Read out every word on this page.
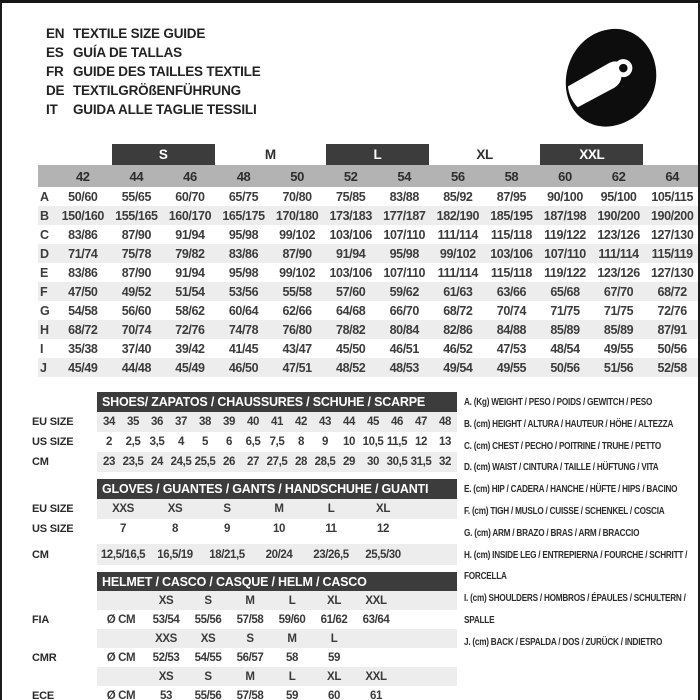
EN TEXTILE SIZE GUIDE
ES GUÍA DE TALLAS
FR GUIDE DES TAILLES TEXTILE
DE TEXTILGRÖßENFÜHRUNG
IT	GUIDA ALLE TAGLIE TESSILI

		S		M		L		XL		XXL		

	42	44	46	48	50	52	54	56	58	60	62	64
A	50/60	55/65	60/70	65/75	70/80	75/85	83/88	85/92	87/95	90/100	95/100	105/115
B	150/160	155/165	160/170	165/175	170/180	173/183	177/187	182/190	185/195	187/198	190/200	190/200
C	83/86	87/90	91/94	95/98	99/102	103/106	107/110	111/114	115/118	119/122	123/126	127/130
D	71/74	75/78	79/82	83/86	87/90	91/94	95/98	99/102	103/106	107/110	111/114	115/119
E	83/86	87/90	91/94	95/98	99/102	103/106	107/110	111/114	115/118	119/122	123/126	127/130
F	47/50	49/52	51/54	53/56	55/58	57/60	59/62	61/63	63/66	65/68	67/70	68/72
G	54/58	56/60	58/62	60/64	62/66	64/68	66/70	68/72	70/74	71/75	71/75	72/76
H	68/72	70/74	72/76	74/78	76/80	78/82	80/84	82/86	84/88	85/89	85/89	87/91
I	35/38	37/40	39/42	41/45	43/47	45/50	46/51	46/52	47/53	48/54	49/55	50/56
J	45/49	44/48	45/49	46/50	47/51	48/52	48/53	49/54	49/55	50/56	51/56	52/58
	SHOES/ ZAPATOS / CHAUSSURES / SCHUHE / SCARPE														
EU SIZE	34	35	36	37	38	39	40	41	42	43	44	45	46	47	48
US SIZE	2	2,5	3,5	4	5	6	6,5	7,5	8	9	10	10,5	11,5	12	13
CM	23	23,5	24	24,5	25,5	26	27	27,5	28	28,5	29	30	30,5	31,5	32
	GLOVES / GUANTES / GANTS / HANDSCHUHE / GUANTI						
EU SIZE	XXS	XS	S	M	L	XL	
US SIZE	7	8	9	10	11	12	

CM	12,5/16,5	16,5/19	18/21,5	20/24	23/26,5	25,5/30	
	HELMET / CASCO / CASQUE / HELM / CASCO							
		XS	S	M	L	XL	XXL	
FIA	Ø CM	53/54	55/56	57/58	59/60	61/62	63/64	
		XXS	XS	S	M	L		
CMR	Ø CM	52/53	54/55	56/57	58	59		
		XS	S	M	L	XL	XXL	
ECE	Ø CM	53	55/56	57/58	59	60	61	
A. (Kg) WEIGHT / PESO / POIDS / GEWITCH / PESO
B. (cm) HEIGHT / ALTURA / HAUTEUR / HÖHE / ALTEZZA
C. (cm) CHEST / PECHO / POITRINE / TRUHE / PETTO
D. (cm) WAIST / CINTURA / TAILLE / HÜFTUNG / VITA
E. (cm) HIP / CADERA / HANCHE / HÜFTE / HIPS / BACINO
F. (cm) TIGH / MUSLO / CUISSE / SCHENKEL / COSCIA
G. (cm) ARM / BRAZO / BRAS / ARM / BRACCIO
H. (cm) INSIDE LEG / ENTREPIERNA / FOURCHE / SCHRITT / FORCELLA
I. (cm) SHOULDERS / HOMBROS / ÉPAULES / SCHULTERN / SPALLE
J. (cm) BACK / ESPALDA / DOS / ZURÜCK / INDIETRO
